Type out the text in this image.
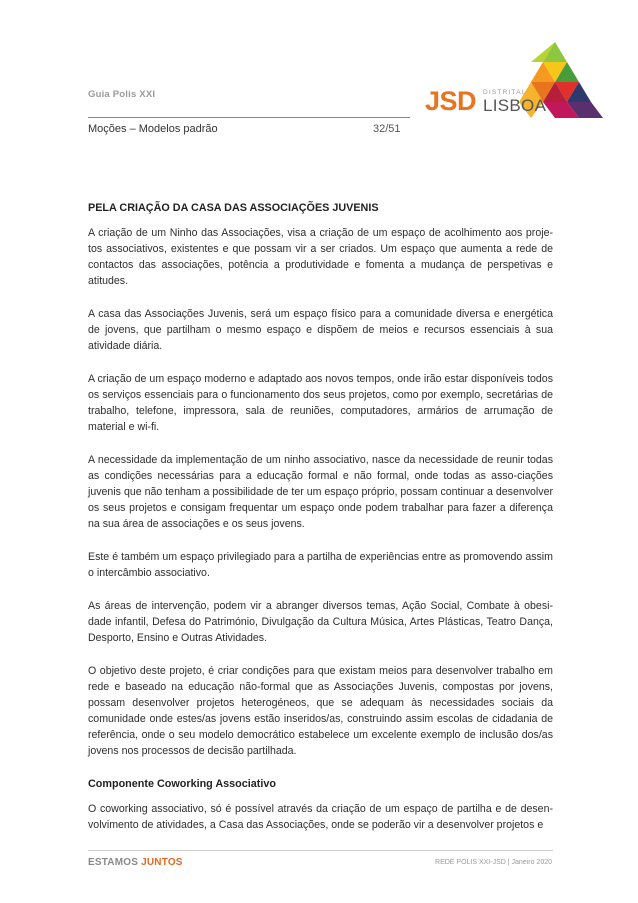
Guia Polis XXI
Moções – Modelos padrão	32/51
JSD DISTRITAL
LISBOA
PELA CRIAÇÃO DA CASA DAS ASSOCIAÇÕES JUVENIS

A criação de um Ninho das Associações, visa a criação de um espaço de acolhimento aos proje-tos associativos, existentes e que possam vir a ser criados. Um espaço que aumenta a rede de contactos das associações, potência a produtividade e fomenta a mudança de perspetivas e atitudes.

A casa das Associações Juvenis, será um espaço físico para a comunidade diversa e energética de jovens, que partilham o mesmo espaço e dispõem de meios e recursos essenciais à sua atividade diária.

A criação de um espaço moderno e adaptado aos novos tempos, onde irão estar disponíveis todos os serviços essenciais para o funcionamento dos seus projetos, como por exemplo, secretárias de trabalho, telefone, impressora, sala de reuniões, computadores, armários de arrumação de material e wi-fi.

A necessidade da implementação de um ninho associativo, nasce da necessidade de reunir todas as condições necessárias para a educação formal e não formal, onde todas as asso-ciações juvenis que não tenham a possibilidade de ter um espaço próprio, possam continuar a desenvolver os seus projetos e consigam frequentar um espaço onde podem trabalhar para fazer a diferença na sua área de associações e os seus jovens.

Este é também um espaço privilegiado para a partilha de experiências entre as promovendo assim o intercâmbio associativo.

As áreas de intervenção, podem vir a abranger diversos temas, Ação Social, Combate à obesi-dade infantil, Defesa do Património, Divulgação da Cultura Música, Artes Plásticas, Teatro Dança, Desporto, Ensino e Outras Atividades.

O objetivo deste projeto, é criar condições para que existam meios para desenvolver trabalho em rede e baseado na educação não-formal que as Associações Juvenis, compostas por jovens, possam desenvolver projetos heterogéneos, que se adequam às necessidades sociais da comunidade onde estes/as jovens estão inseridos/as, construindo assim escolas de cidadania de referência, onde o seu modelo democrático estabelece um excelente exemplo de inclusão dos/as jovens nos processos de decisão partilhada.

Componente Coworking Associativo

O coworking associativo, só é possível através da criação de um espaço de partilha e de desen-volvimento de atividades, a Casa das Associações, onde se poderão vir a desenvolver projetos e

ESTAMOS JUNTOS	REDE POLIS XXI-JSD | Janeiro 2020
